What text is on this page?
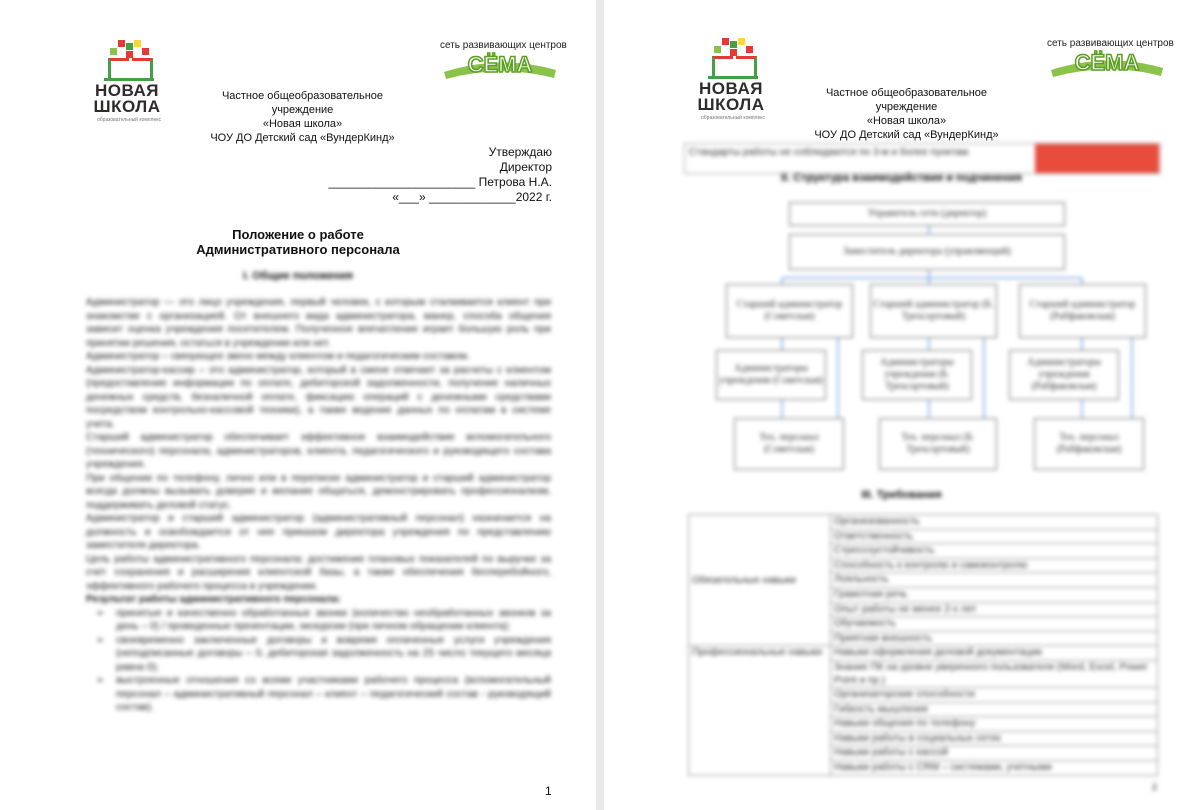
НОВАЯ
ШКОЛА
образовательный комплекс
сеть развивающих центров
СЁМА
Частное общеобразовательное учреждение
«Новая школа»
ЧОУ ДО Детский сад «ВундерКинд»
Утверждаю
Директор
______________________ Петрова Н.А.
«___» _____________2022 г.
Положение о работе
Административного персонала
I. Общие положения

Администратор — это лицо учреждения, первый человек, с которым сталкивается клиент при знакомстве с организацией. От внешнего вида администратора, манер, способа общения зависит оценка учреждения посетителем. Полученное впечатление играет большую роль при принятии решения, остаться в учреждении или нет.

Администратор – связующее звено между клиентом и педагогическим составом.

Администратор-кассир – это администратор, который в смене отвечает за расчеты с клиентом (предоставление информации по оплате, дебиторской задолженности, получение наличных денежных средств, безналичной оплате, фиксацию операций с денежными средствами посредством контрольно-кассовой техники), а также ведение данных по оплатам в системе учета.

Старший администратор обеспечивает эффективное взаимодействие вспомогательного (технического) персонала, администраторов, клиента, педагогического и руководящего состава учреждения.

При общении по телефону, лично или в переписке администратор и старший администратор всегда должны вызывать доверие и желание общаться, демонстрировать профессионализм, поддерживать деловой статус.

Администратор и старший администратор (административный персонал) назначается на должность и освобождается от нее приказом директора учреждения по представлению заместителя директора.

Цель работы административного персонала: достижение плановых показателей по выручке за счет сохранения и расширения клиентской базы, а также обеспечения бесперебойного, эффективного рабочего процесса в учреждении.

Результат работы административного персонала:

➢ принятые и качественно обработанные звонки (количество необработанных звонков за день – 0) / проведенные презентации, экскурсии (при личном обращении клиента);
➢ своевременно заключенные договоры и вовремя оплаченные услуги учреждения (неподписанные договоры – 0, дебиторская задолженность на 25 число текущего месяца равна 0);
➢ выстроенные отношения со всеми участниками рабочего процесса (вспомогательный персонал – административный персонал – клиент – педагогический состав - руководящий состав).
1
НОВАЯ
ШКОЛА
образовательный комплекс
сеть развивающих центров
СЁМА
Частное общеобразовательное учреждение
«Новая школа»
ЧОУ ДО Детский сад «ВундерКинд»
Стандарты работы не соблюдаются по 3-м и более пунктам.
II. Структура взаимодействия и подчинения
Управитель сети (директор)
Заместитель директора (управляющий)
Старший администратор (Советская)
Старший администратор (Б. Трехсортовый)
Старший администратор (Рабфаковская)
Администраторы учреждения (Советская)
Администраторы учреждения (Б. Трехсортовый)
Администраторы учреждения (Рабфаковская)
Тех. персонал (Советская)
Тех. персонал (Б. Трехсортовый)
Тех. персонал (Рабфаковская)
III. Требования
Обязательные навыки	Организованность
	Ответственность
	Стрессоустойчивость
	Способность к контролю и самоконтролю
	Лояльность
	Грамотная речь
	Опыт работы не менее 2-х лет
	Обучаемость
	Приятная внешность
Профессиональные навыки	Навыки оформления деловой документации
	Знание ПК на уровне уверенного пользователя (Word, Excel, Power Point и пр.)
	Организаторские способности
	Гибкость мышления
	Навыки общения по телефону
	Навыки работы в социальных сетях
	Навыки работы с кассой
	Навыки работы с CRM – системами, учетными
2
